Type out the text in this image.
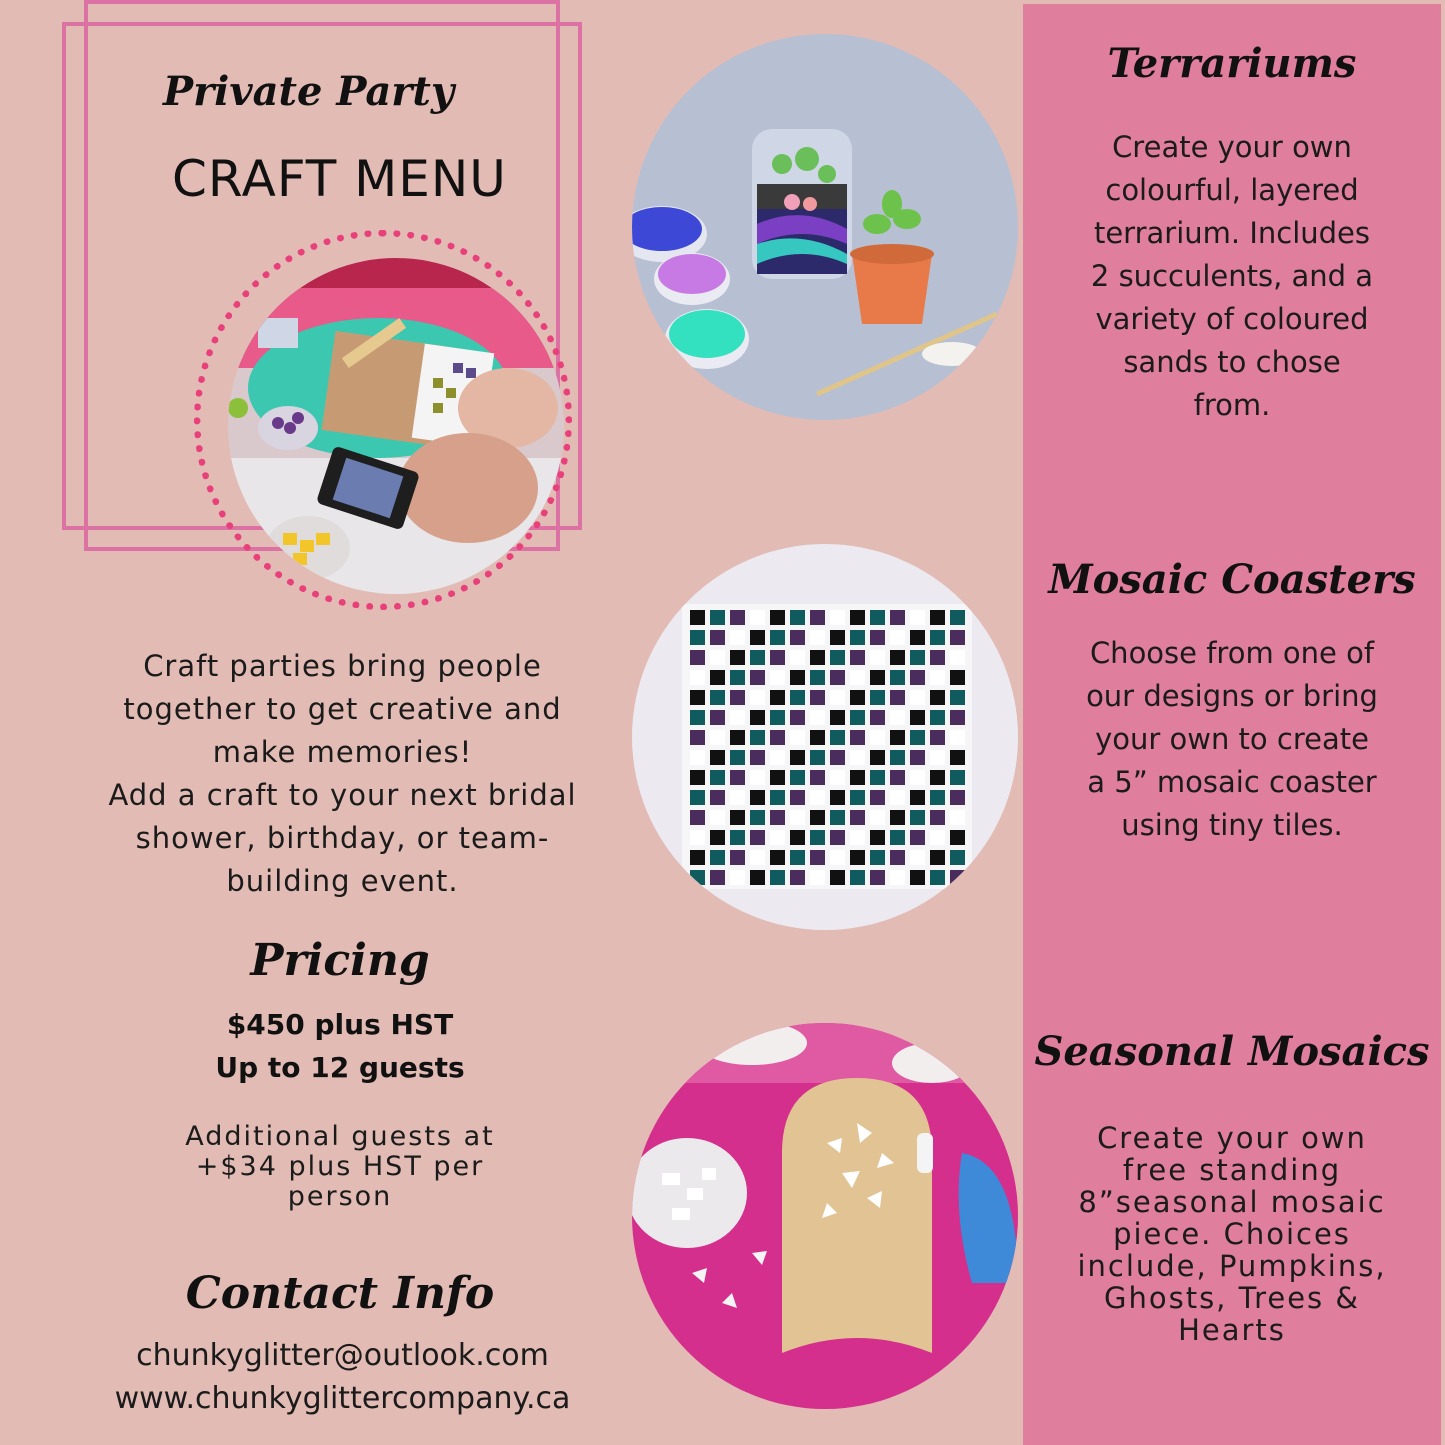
Private Party
CRAFT MENU
Craft parties bring people
together to get creative and
make memories!
Add a craft to your next bridal
shower, birthday, or team-
building event.
Pricing
$450 plus HST
Up to 12 guests
Additional guests at
+$34 plus HST per
person
Contact Info
chunkyglitter@outlook.com
www.chunkyglittercompany.ca
Terrariums
Create your own
colourful, layered
terrarium. Includes
2 succulents, and a
variety of coloured
sands to chose
from.
Mosaic Coasters
Choose from one of
our designs or bring
your own to create
a 5” mosaic coaster
using tiny tiles.
Seasonal Mosaics
Create your own
free standing
8”seasonal mosaic
piece. Choices
include, Pumpkins,
Ghosts, Trees &
Hearts
